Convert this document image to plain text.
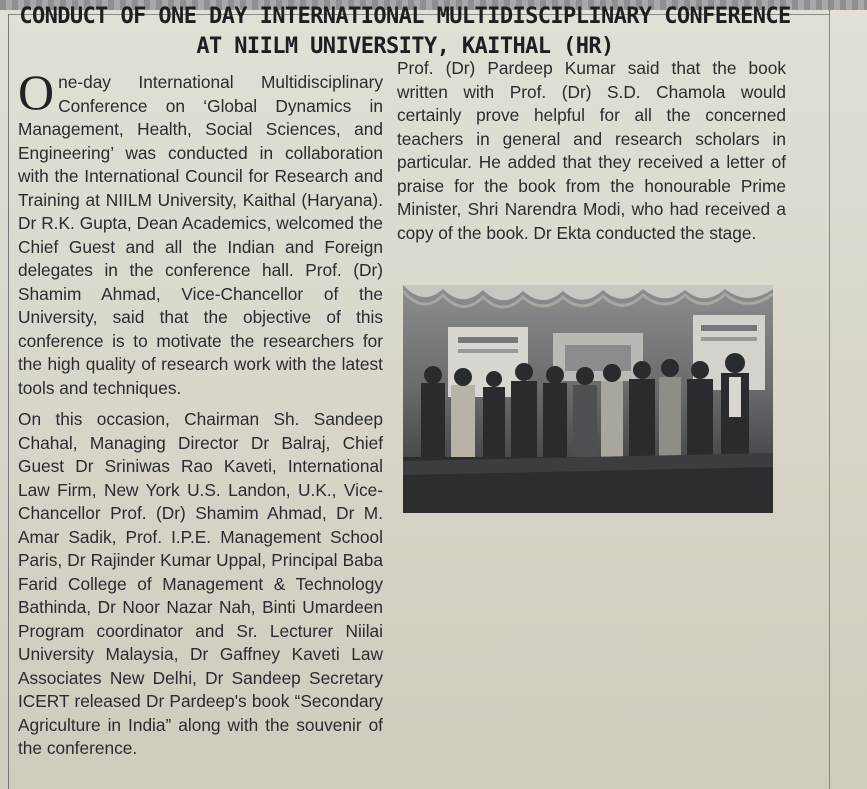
CONDUCT OF ONE DAY INTERNATIONAL MULTIDISCIPLINARY CONFERENCE
AT NIILM UNIVERSITY, KAITHAL (HR)

One-day International Multidisciplinary Conference on ‘Global Dynamics in Management, Health, Social Sciences, and Engineering’ was conducted in collaboration with the International Council for Research and Training at NIILM University, Kaithal (Haryana). Dr R.K. Gupta, Dean Academics, welcomed the Chief Guest and all the Indian and Foreign delegates in the conference hall. Prof. (Dr) Shamim Ahmad, Vice-Chancellor of the University, said that the objective of this conference is to motivate the researchers for the high quality of research work with the latest tools and techniques.

On this occasion, Chairman Sh. Sandeep Chahal, Managing Director Dr Balraj, Chief Guest Dr Sriniwas Rao Kaveti, International Law Firm, New York U.S. Landon, U.K., Vice-Chancellor Prof. (Dr) Shamim Ahmad, Dr M. Amar Sadik, Prof. I.P.E. Management School Paris, Dr Rajinder Kumar Uppal, Principal Baba Farid College of Management & Technology Bathinda, Dr Noor Nazar Nah, Binti Umardeen Program coordinator and Sr. Lecturer Niilai University Malaysia, Dr Gaffney Kaveti Law Associates New Delhi, Dr Sandeep Secretary ICERT released Dr Pardeep's book “Secondary Agriculture in India” along with the souvenir of the conference.

Prof. (Dr) Pardeep Kumar said that the book written with Prof. (Dr) S.D. Chamola would certainly prove helpful for all the concerned teachers in general and research scholars in particular. He added that they received a letter of praise for the book from the honourable Prime Minister, Shri Narendra Modi, who had received a copy of the book. Dr Ekta conducted the stage.
